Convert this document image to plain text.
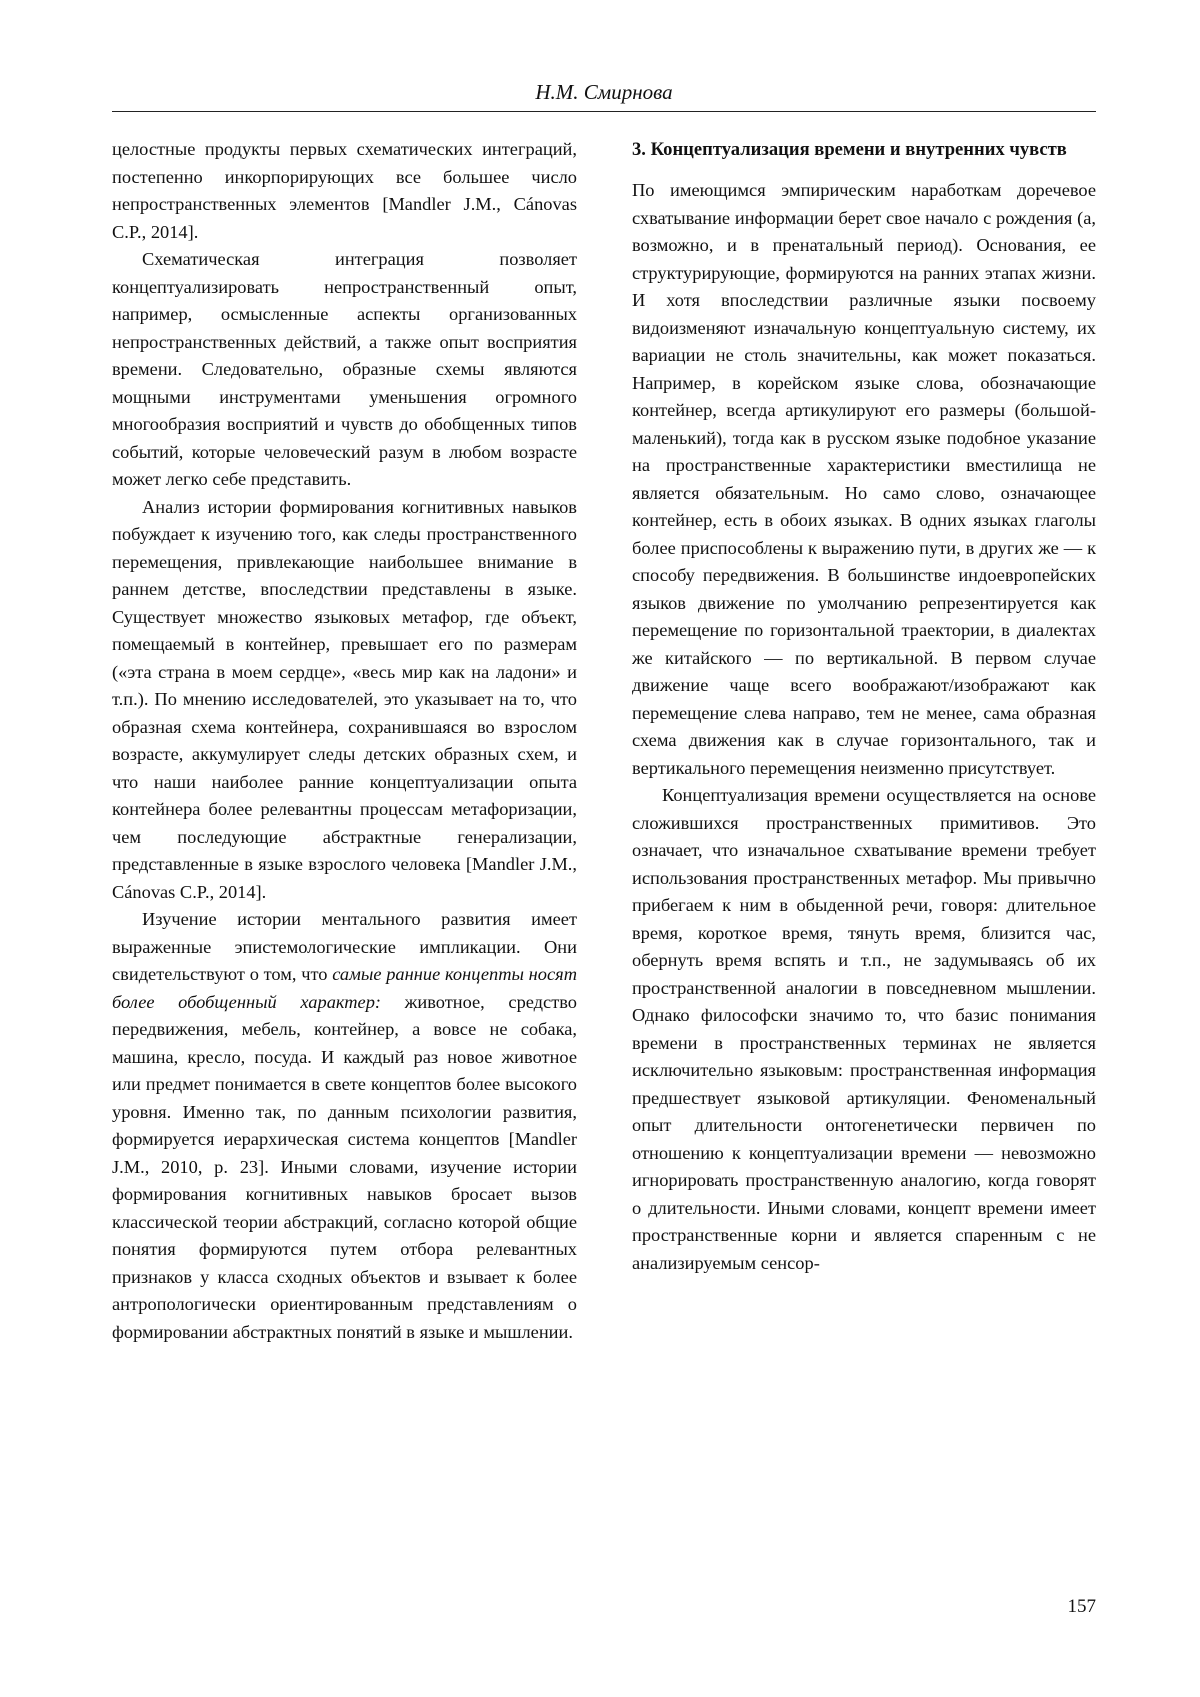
Н.М. Смирнова

целостные продукты первых схематических интеграций, постепенно инкорпорирующих все большее число непространственных элементов [Mandler J.M., Cánovas C.P., 2014].

Схематическая интеграция позволяет концептуализировать непространственный опыт, например, осмысленные аспекты организованных непространственных действий, а также опыт восприятия времени. Следовательно, образные схемы являются мощными инструментами уменьшения огромного многообразия восприятий и чувств до обобщенных типов событий, которые человеческий разум в любом возрасте может легко себе представить.

Анализ истории формирования когнитивных навыков побуждает к изучению того, как следы пространственного перемещения, привлекающие наибольшее внимание в раннем детстве, впоследствии представлены в языке. Существует множество языковых метафор, где объект, помещаемый в контейнер, превышает его по размерам («эта страна в моем сердце», «весь мир как на ладони» и т.п.). По мнению исследователей, это указывает на то, что образная схема контейнера, сохранившаяся во взрослом возрасте, аккумулирует следы детских образных схем, и что наши наиболее ранние концептуализации опыта контейнера более релевантны процессам метафоризации, чем последующие абстрактные генерализации, представленные в языке взрослого человека [Mandler J.M., Cánovas C.P., 2014].

Изучение истории ментального развития имеет выраженные эпистемологические импликации. Они свидетельствуют о том, что самые ранние концепты носят более обобщенный характер: животное, средство передвижения, мебель, контейнер, а вовсе не собака, машина, кресло, посуда. И каждый раз новое животное или предмет понимается в свете концептов более высокого уровня. Именно так, по данным психологии развития, формируется иерархическая система концептов [Mandler J.M., 2010, p. 23]. Иными словами, изучение истории формирования когнитивных навыков бросает вызов классической теории абстракций, согласно которой общие понятия формируются путем отбора релевантных признаков у класса сходных объектов и взывает к более антропологически ориентированным представлениям о формировании абстрактных понятий в языке и мышлении.

3. Концептуализация времени и внутренних чувств

По имеющимся эмпирическим наработкам доречевое схватывание информации берет свое начало с рождения (а, возможно, и в пренатальный период). Основания, ее структурирующие, формируются на ранних этапах жизни. И хотя впоследствии различные языки посвоему видоизменяют изначальную концептуальную систему, их вариации не столь значительны, как может показаться. Например, в корейском языке слова, обозначающие контейнер, всегда артикулируют его размеры (большой-маленький), тогда как в русском языке подобное указание на пространственные характеристики вместилища не является обязательным. Но само слово, означающее контейнер, есть в обоих языках. В одних языках глаголы более приспособлены к выражению пути, в других же — к способу передвижения. В большинстве индоевропейских языков движение по умолчанию репрезентируется как перемещение по горизонтальной траектории, в диалектах же китайского — по вертикальной. В первом случае движение чаще всего воображают/изображают как перемещение слева направо, тем не менее, сама образная схема движения как в случае горизонтального, так и вертикального перемещения неизменно присутствует.

Концептуализация времени осуществляется на основе сложившихся пространственных примитивов. Это означает, что изначальное схватывание времени требует использования пространственных метафор. Мы привычно прибегаем к ним в обыденной речи, говоря: длительное время, короткое время, тянуть время, близится час, обернуть время вспять и т.п., не задумываясь об их пространственной аналогии в повседневном мышлении. Однако философски значимо то, что базис понимания времени в пространственных терминах не является исключительно языковым: пространственная информация предшествует языковой артикуляции. Феноменальный опыт длительности онтогенетически первичен по отношению к концептуализации времени — невозможно игнорировать пространственную аналогию, когда говорят о длительности. Иными словами, концепт времени имеет пространственные корни и является спаренным с не анализируемым сенсор-

157
